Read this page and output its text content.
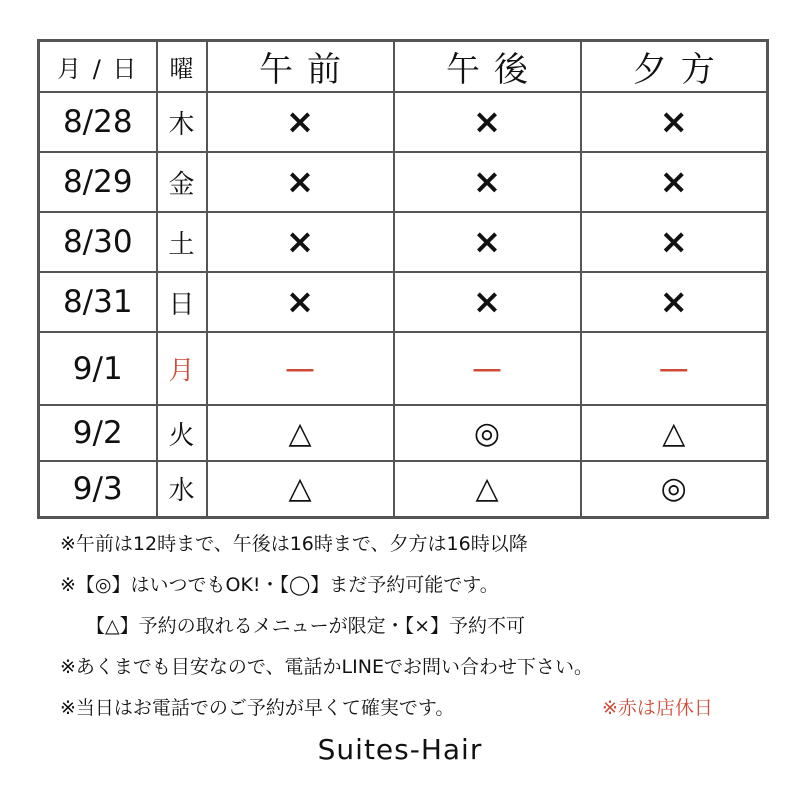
月 / 日	曜	午前	午後	夕方
8/28	木	×	×	×
8/29	金	×	×	×
8/30	土	×	×	×
8/31	日	×	×	×
9/1	月	－	－	－
9/2	火	△	◎	△
9/3	水	△	△	◎
※午前は12時まで、午後は16時まで、夕方は16時以降
※【◎】はいつでもOK!・【◯】まだ予約可能です。
【△】予約の取れるメニューが限定・【×】予約不可
※あくまでも目安なので、電話かLINEでお問い合わせ下さい。
※当日はお電話でのご予約が早くて確実です。	※赤は店休日
Suites-Hair
